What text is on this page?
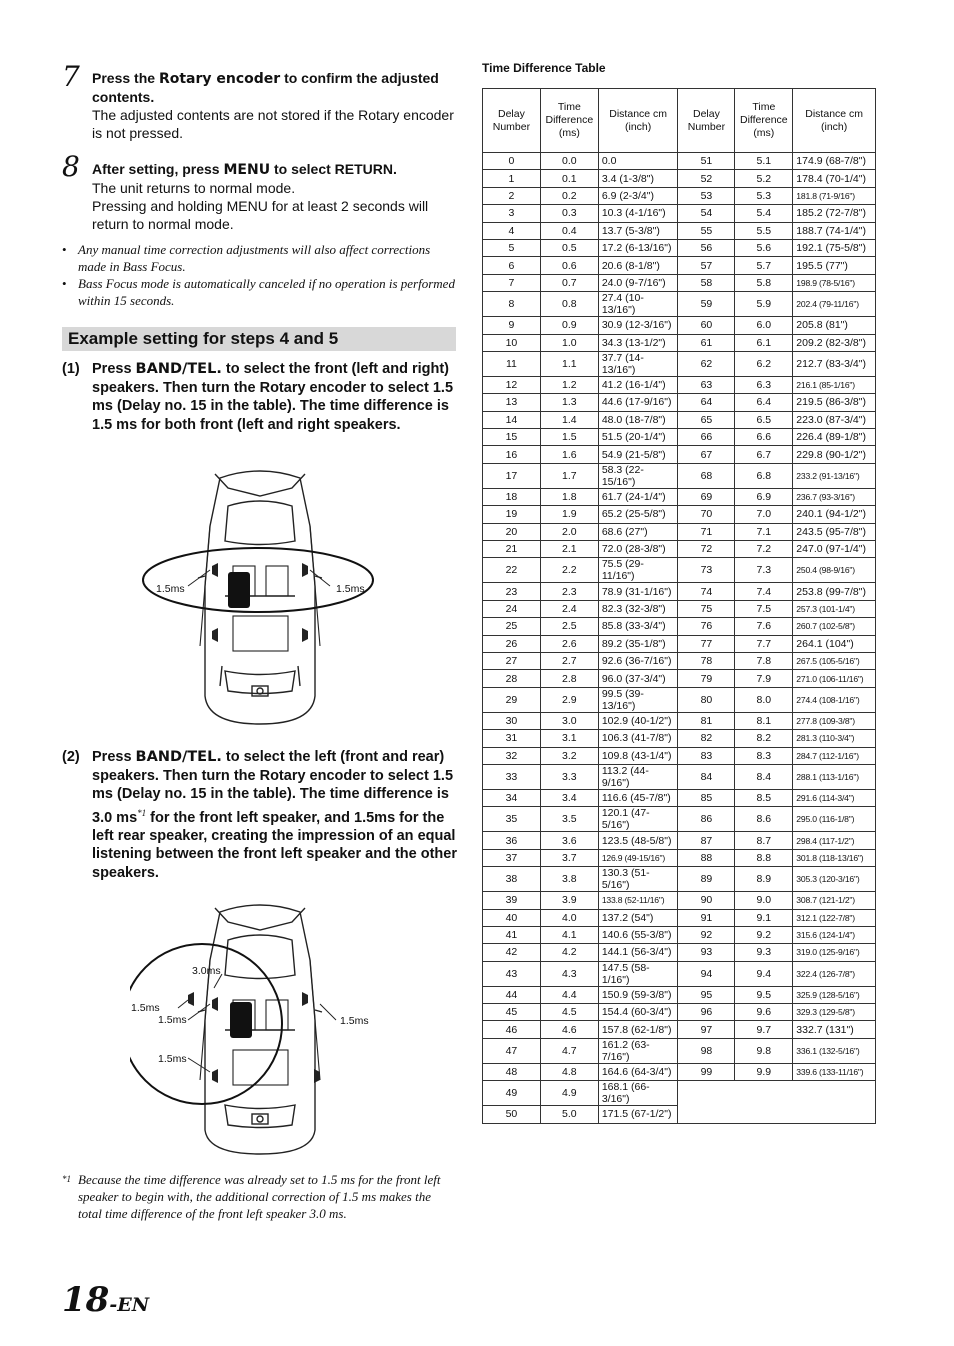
7 Press the Rotary encoder to confirm the adjusted contents.
The adjusted contents are not stored if the Rotary encoder is not pressed.
8 After setting, press MENU to select RETURN.
The unit returns to normal mode.
Pressing and holding MENU for at least 2 seconds will return to normal mode.
• Any manual time correction adjustments will also affect corrections made in Bass Focus.
• Bass Focus mode is automatically canceled if no operation is performed within 15 seconds.
Example setting for steps 4 and 5
(1) Press BAND/TEL. to select the front (left and right) speakers. Then turn the Rotary encoder to select 1.5 ms (Delay no. 15 in the table). The time difference is 1.5 ms for both front (left and right speakers.
1.5ms	1.5ms
(2) Press BAND/TEL. to select the left (front and rear) speakers. Then turn the Rotary encoder to select 1.5 ms (Delay no. 15 in the table). The time difference is 3.0 $ms^{*1}$ for the front left speaker, and 1.5ms for the left rear speaker, creating the impression of an equal listening between the front left speaker and the other speakers.
3.0ms
1.5ms
1.5ms	1.5ms
1.5ms
*1 Because the time difference was already set to 1.5 ms for the front left speaker to begin with, the additional correction of 1.5 ms makes the total time difference of the front left speaker 3.0 ms.
18-EN
Time Difference Table
Delay Number	Time Difference (ms)	Distance cm (inch)	Delay Number	Time Difference (ms)	Distance cm (inch)
0	0.0	0.0	51	5.1	174.9 (68-7/8")
1	0.1	3.4 (1-3/8")	52	5.2	178.4 (70-1/4")
2	0.2	6.9 (2-3/4")	53	5.3	181.8 (71-9/16")
3	0.3	10.3 (4-1/16")	54	5.4	185.2 (72-7/8")
4	0.4	13.7 (5-3/8")	55	5.5	188.7 (74-1/4")
5	0.5	17.2 (6-13/16")	56	5.6	192.1 (75-5/8")
6	0.6	20.6 (8-1/8")	57	5.7	195.5 (77")
7	0.7	24.0 (9-7/16")	58	5.8	198.9 (78-5/16")
8	0.8	27.4 (10-13/16")	59	5.9	202.4 (79-11/16")
9	0.9	30.9 (12-3/16")	60	6.0	205.8 (81")
10	1.0	34.3 (13-1/2")	61	6.1	209.2 (82-3/8")
11	1.1	37.7 (14-13/16")	62	6.2	212.7 (83-3/4")
12	1.2	41.2 (16-1/4")	63	6.3	216.1 (85-1/16")
13	1.3	44.6 (17-9/16")	64	6.4	219.5 (86-3/8")
14	1.4	48.0 (18-7/8")	65	6.5	223.0 (87-3/4")
15	1.5	51.5 (20-1/4")	66	6.6	226.4 (89-1/8")
16	1.6	54.9 (21-5/8")	67	6.7	229.8 (90-1/2")
17	1.7	58.3 (22-15/16")	68	6.8	233.2 (91-13/16")
18	1.8	61.7 (24-1/4")	69	6.9	236.7 (93-3/16")
19	1.9	65.2 (25-5/8")	70	7.0	240.1 (94-1/2")
20	2.0	68.6 (27")	71	7.1	243.5 (95-7/8")
21	2.1	72.0 (28-3/8")	72	7.2	247.0 (97-1/4")
22	2.2	75.5 (29-11/16")	73	7.3	250.4 (98-9/16")
23	2.3	78.9 (31-1/16")	74	7.4	253.8 (99-7/8")
24	2.4	82.3 (32-3/8")	75	7.5	257.3 (101-1/4")
25	2.5	85.8 (33-3/4")	76	7.6	260.7 (102-5/8")
26	2.6	89.2 (35-1/8")	77	7.7	264.1 (104")
27	2.7	92.6 (36-7/16")	78	7.8	267.5 (105-5/16")
28	2.8	96.0 (37-3/4")	79	7.9	271.0 (106-11/16")
29	2.9	99.5 (39-13/16")	80	8.0	274.4 (108-1/16")
30	3.0	102.9 (40-1/2")	81	8.1	277.8 (109-3/8")
31	3.1	106.3 (41-7/8")	82	8.2	281.3 (110-3/4")
32	3.2	109.8 (43-1/4")	83	8.3	284.7 (112-1/16")
33	3.3	113.2 (44-9/16")	84	8.4	288.1 (113-1/16")
34	3.4	116.6 (45-7/8")	85	8.5	291.6 (114-3/4")
35	3.5	120.1 (47-5/16")	86	8.6	295.0 (116-1/8")
36	3.6	123.5 (48-5/8")	87	8.7	298.4 (117-1/2")
37	3.7	126.9 (49-15/16")	88	8.8	301.8 (118-13/16")
38	3.8	130.3 (51-5/16")	89	8.9	305.3 (120-3/16")
39	3.9	133.8 (52-11/16")	90	9.0	308.7 (121-1/2")
40	4.0	137.2 (54")	91	9.1	312.1 (122-7/8")
41	4.1	140.6 (55-3/8")	92	9.2	315.6 (124-1/4")
42	4.2	144.1 (56-3/4")	93	9.3	319.0 (125-9/16")
43	4.3	147.5 (58-1/16")	94	9.4	322.4 (126-7/8")
44	4.4	150.9 (59-3/8")	95	9.5	325.9 (128-5/16")
45	4.5	154.4 (60-3/4")	96	9.6	329.3 (129-5/8")
46	4.6	157.8 (62-1/8")	97	9.7	332.7 (131")
47	4.7	161.2 (63-7/16")	98	9.8	336.1 (132-5/16")
48	4.8	164.6 (64-3/4")	99	9.9	339.6 (133-11/16")
49	4.9	168.1 (66-3/16")			
50	5.0	171.5 (67-1/2")			
